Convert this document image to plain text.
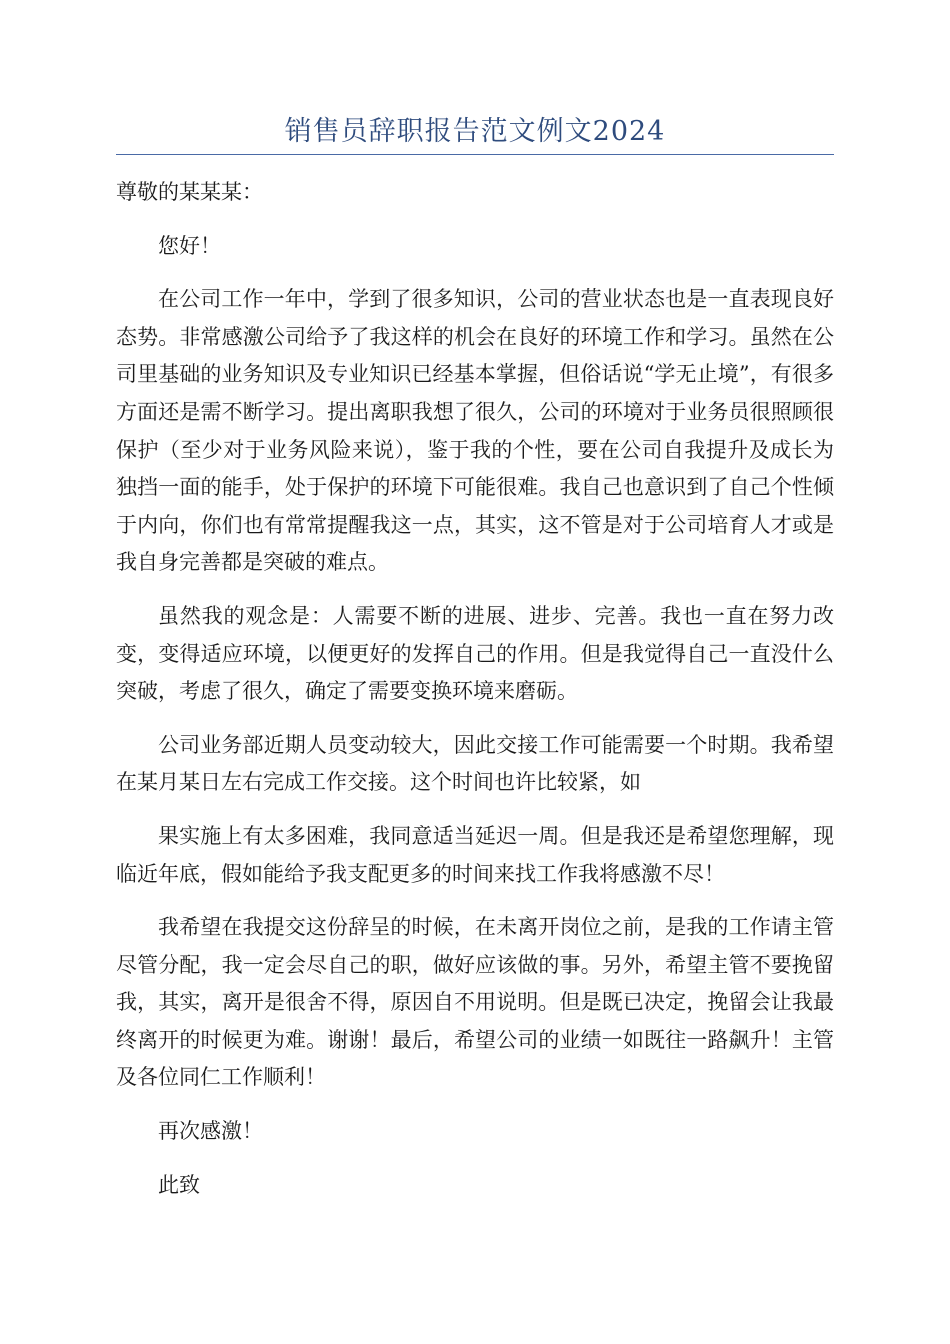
销售员辞职报告范文例文2024

尊敬的某某某：

您好！

在公司工作一年中，学到了很多知识，公司的营业状态也是一直表现良好态势。非常感激公司给予了我这样的机会在良好的环境工作和学习。虽然在公司里基础的业务知识及专业知识已经基本掌握，但俗话说“学无止境”，有很多方面还是需不断学习。提出离职我想了很久，公司的环境对于业务员很照顾很保护（至少对于业务风险来说），鉴于我的个性，要在公司自我提升及成长为独挡一面的能手，处于保护的环境下可能很难。我自己也意识到了自己个性倾于内向，你们也有常常提醒我这一点，其实，这不管是对于公司培育人才或是我自身完善都是突破的难点。

虽然我的观念是：人需要不断的进展、进步、完善。我也一直在努力改变，变得适应环境，以便更好的发挥自己的作用。但是我觉得自己一直没什么突破，考虑了很久，确定了需要变换环境来磨砺。

公司业务部近期人员变动较大，因此交接工作可能需要一个时期。我希望在某月某日左右完成工作交接。这个时间也许比较紧，如

果实施上有太多困难，我同意适当延迟一周。但是我还是希望您理解，现临近年底，假如能给予我支配更多的时间来找工作我将感激不尽！

我希望在我提交这份辞呈的时候，在未离开岗位之前，是我的工作请主管尽管分配，我一定会尽自己的职，做好应该做的事。另外，希望主管不要挽留我，其实，离开是很舍不得，原因自不用说明。但是既已决定，挽留会让我最终离开的时候更为难。谢谢！最后，希望公司的业绩一如既往一路飙升！主管及各位同仁工作顺利！

再次感激！

此致
